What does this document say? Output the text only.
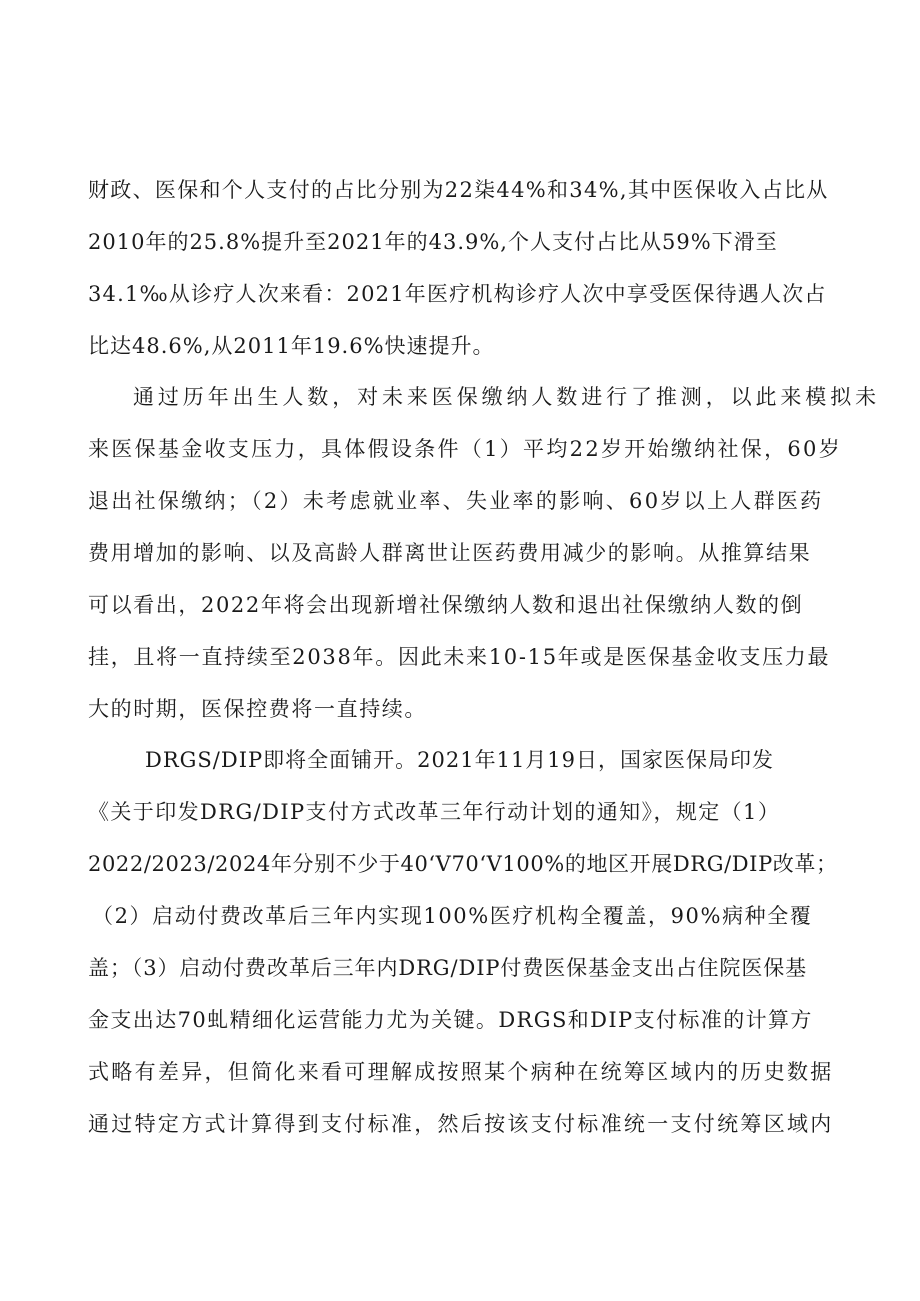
财政、医保和个人支付的占比分别为22柒44%和34%,其中医保收入占比从
2010年的25.8%提升至2021年的43.9%,个人支付占比从59%下滑至
34.1‰从诊疗人次来看：2021年医疗机构诊疗人次中享受医保待遇人次占
比达48.6%,从2011年19.6%快速提升。
通过历年出生人数，对未来医保缴纳人数进行了推测，以此来模拟未
来医保基金收支压力，具体假设条件（1）平均22岁开始缴纳社保，60岁
退出社保缴纳；（2）未考虑就业率、失业率的影响、60岁以上人群医药
费用增加的影响、以及高龄人群离世让医药费用减少的影响。从推算结果
可以看出，2022年将会出现新增社保缴纳人数和退出社保缴纳人数的倒
挂，且将一直持续至2038年。因此未来10-15年或是医保基金收支压力最
大的时期，医保控费将一直持续。
DRGS/DIP即将全面铺开。2021年11月19日，国家医保局印发
《关于印发DRG/DIP支付方式改革三年行动计划的通知》，规定（1）
2022/2023/2024年分别不少于40‘V70‘V100%的地区开展DRG/DIP改革；
（2）启动付费改革后三年内实现100%医疗机构全覆盖，90%病种全覆
盖；（3）启动付费改革后三年内DRG/DIP付费医保基金支出占住院医保基
金支出达70虬精细化运营能力尤为关键。DRGS和DIP支付标准的计算方
式略有差异，但简化来看可理解成按照某个病种在统筹区域内的历史数据
通过特定方式计算得到支付标准，然后按该支付标准统一支付统筹区域内
